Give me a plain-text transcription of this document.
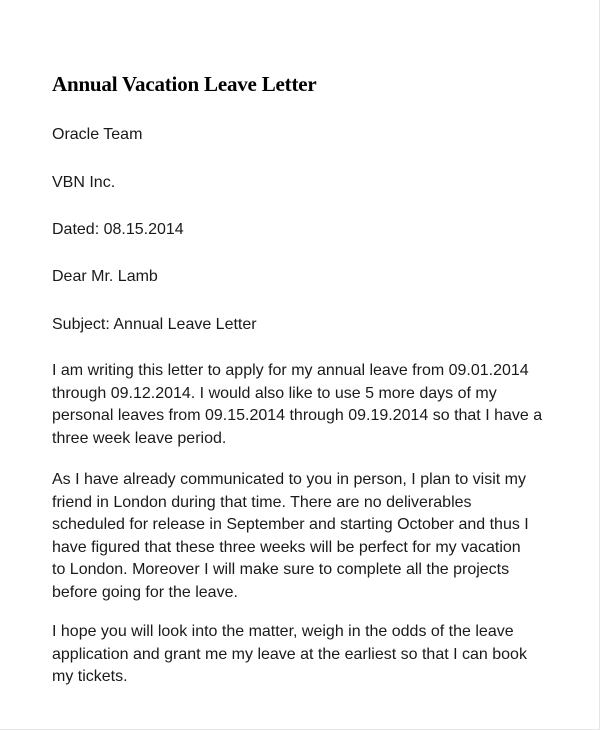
Annual Vacation Leave Letter

Oracle Team

VBN Inc.

Dated: 08.15.2014

Dear Mr. Lamb

Subject: Annual Leave Letter

I am writing this letter to apply for my annual leave from 09.01.2014
through 09.12.2014. I would also like to use 5 more days of my
personal leaves from 09.15.2014 through 09.19.2014 so that I have a
three week leave period.
As I have already communicated to you in person, I plan to visit my
friend in London during that time. There are no deliverables
scheduled for release in September and starting October and thus I
have figured that these three weeks will be perfect for my vacation
to London. Moreover I will make sure to complete all the projects
before going for the leave.
I hope you will look into the matter, weigh in the odds of the leave
application and grant me my leave at the earliest so that I can book
my tickets.
